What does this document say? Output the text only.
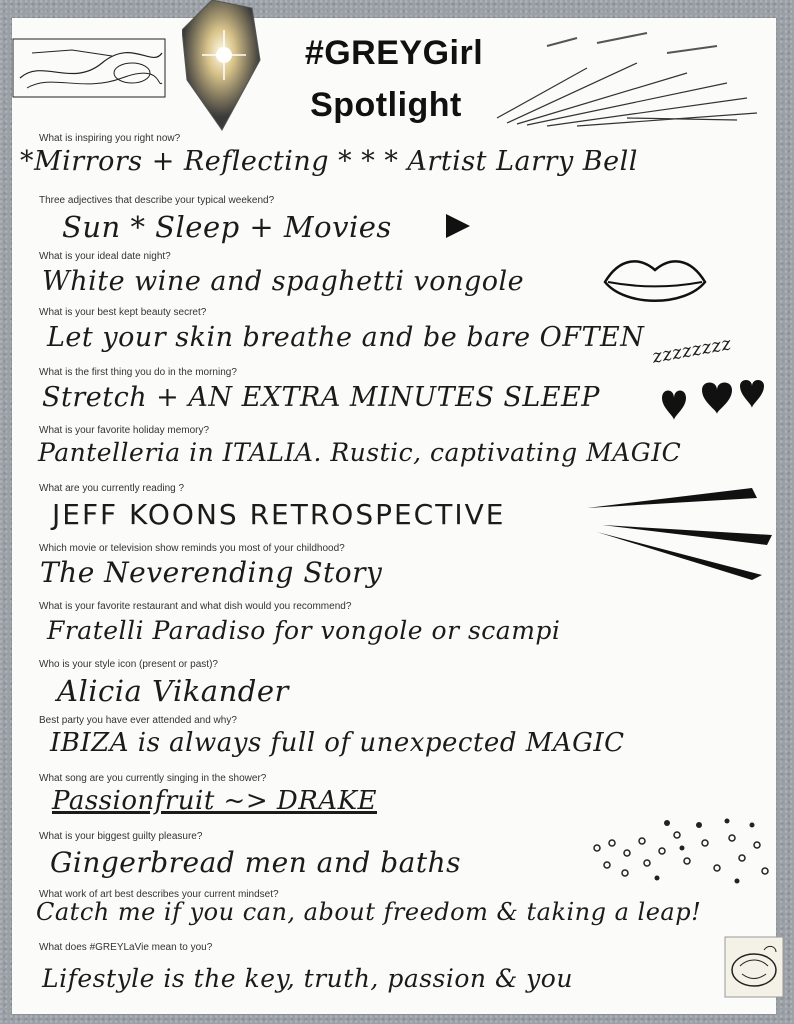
#GREYGirl
Spotlight
What is inspiring you right now?
*Mirrors + Reflecting * * * Artist Larry Bell
Three adjectives that describe your typical weekend?
Sun * Sleep + Movies
What is your ideal date night?
White wine and spaghetti vongole
What is your best kept beauty secret?
Let your skin breathe and be bare OFTEN
What is the first thing you do in the morning?
Stretch + AN EXTRA MINUTES SLEEP
zzzzzzzz
What is your favorite holiday memory?
Pantelleria in ITALIA. Rustic, captivating MAGIC
What are you currently reading ?
JEFF KOONS RETROSPECTIVE
Which movie or television show reminds you most of your childhood?
The Neverending Story
What is your favorite restaurant and what dish would you recommend?
Fratelli Paradiso for vongole or scampi
Who is your style icon (present or past)?
Alicia Vikander
Best party you have ever attended and why?
IBIZA is always full of unexpected MAGIC
What song are you currently singing in the shower?
Passionfruit ~> DRAKE
What is your biggest guilty pleasure?
Gingerbread men and baths
What work of art best describes your current mindset?
Catch me if you can, about freedom & taking a leap!
What does #GREYLaVie mean to you?
Lifestyle is the key, truth, passion & you
